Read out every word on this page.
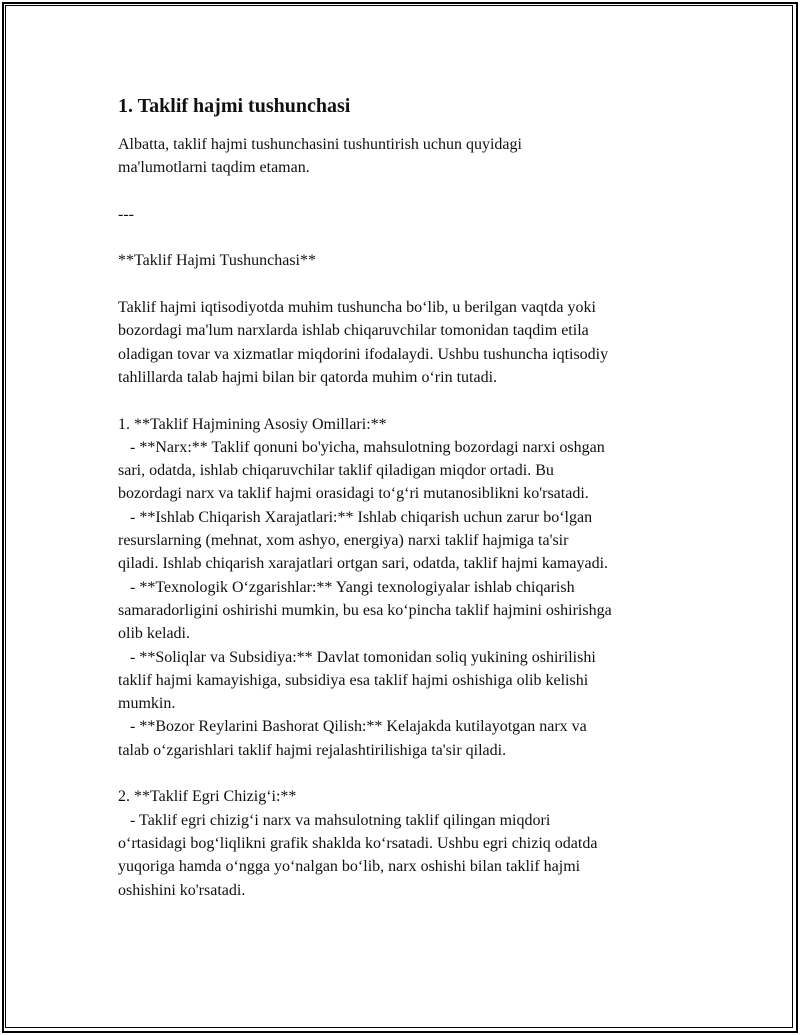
1. Taklif hajmi tushunchasi
Albatta, taklif hajmi tushunchasini tushuntirish uchun quyidagi
ma'lumotlarni taqdim etaman.
---
**Taklif Hajmi Tushunchasi**
Taklif hajmi iqtisodiyotda muhim tushuncha bo‘lib, u berilgan vaqtda yoki
bozordagi ma'lum narxlarda ishlab chiqaruvchilar tomonidan taqdim etila
oladigan tovar va xizmatlar miqdorini ifodalaydi. Ushbu tushuncha iqtisodiy
tahlillarda talab hajmi bilan bir qatorda muhim o‘rin tutadi.
1. **Taklif Hajmining Asosiy Omillari:**
- **Narx:** Taklif qonuni bo'yicha, mahsulotning bozordagi narxi oshgan
sari, odatda, ishlab chiqaruvchilar taklif qiladigan miqdor ortadi. Bu
bozordagi narx va taklif hajmi orasidagi to‘g‘ri mutanosiblikni ko'rsatadi.
- **Ishlab Chiqarish Xarajatlari:** Ishlab chiqarish uchun zarur bo‘lgan
resurslarning (mehnat, xom ashyo, energiya) narxi taklif hajmiga ta'sir
qiladi. Ishlab chiqarish xarajatlari ortgan sari, odatda, taklif hajmi kamayadi.
- **Texnologik O‘zgarishlar:** Yangi texnologiyalar ishlab chiqarish
samaradorligini oshirishi mumkin, bu esa ko‘pincha taklif hajmini oshirishga
olib keladi.
- **Soliqlar va Subsidiya:** Davlat tomonidan soliq yukining oshirilishi
taklif hajmi kamayishiga, subsidiya esa taklif hajmi oshishiga olib kelishi
mumkin.
- **Bozor Reylarini Bashorat Qilish:** Kelajakda kutilayotgan narx va
talab o‘zgarishlari taklif hajmi rejalashtirilishiga ta'sir qiladi.
2. **Taklif Egri Chizig‘i:**
- Taklif egri chizig‘i narx va mahsulotning taklif qilingan miqdori
o‘rtasidagi bog‘liqlikni grafik shaklda ko‘rsatadi. Ushbu egri chiziq odatda
yuqoriga hamda o‘ngga yo‘nalgan bo‘lib, narx oshishi bilan taklif hajmi
oshishini ko'rsatadi.
